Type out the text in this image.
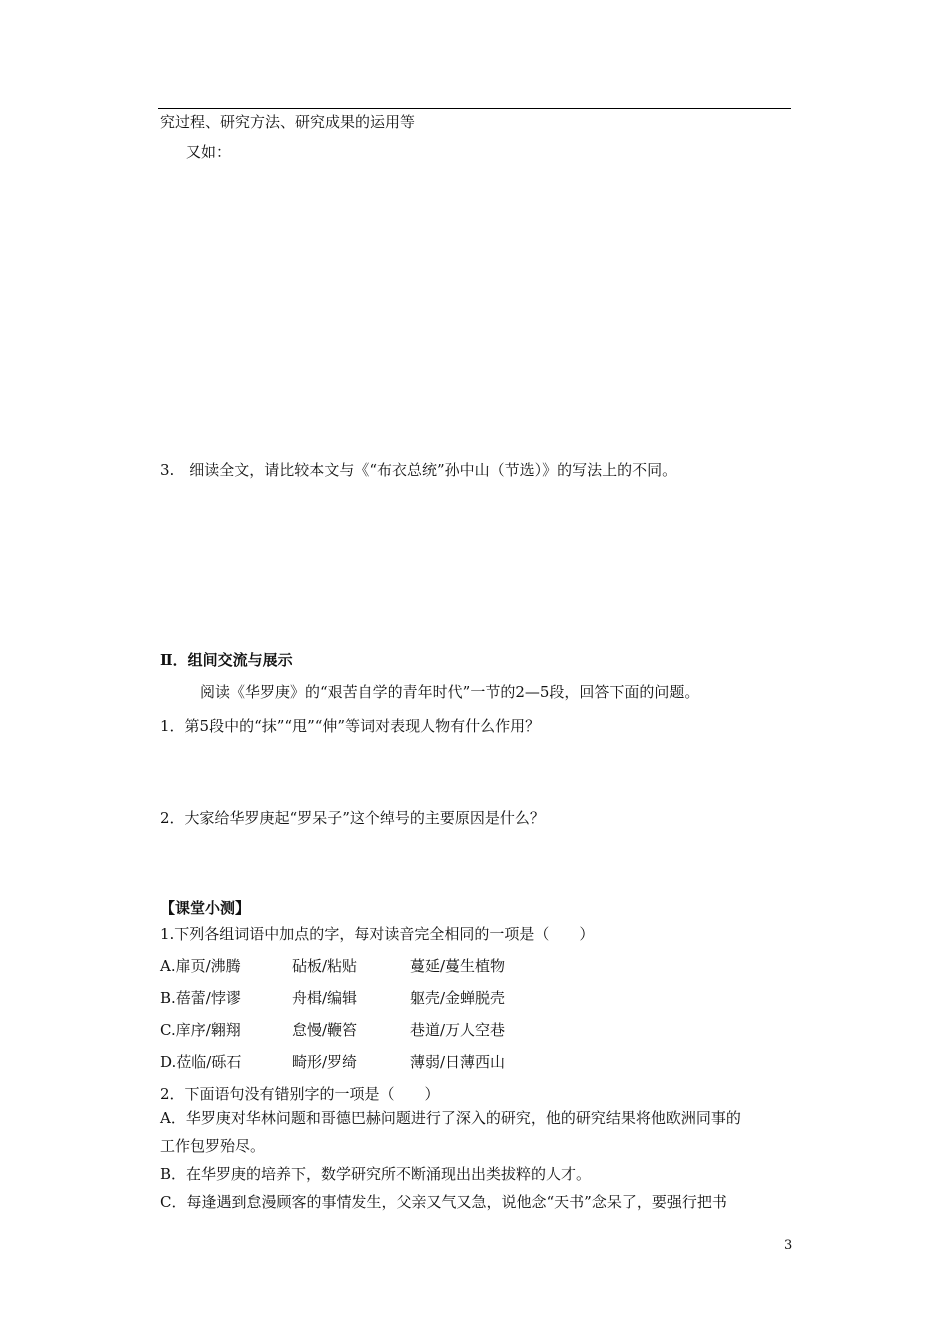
究过程、研究方法、研究成果的运用等
又如：
3.　细读全文，请比较本文与《“布衣总统”孙中山（节选）》的写法上的不同。
Ⅱ．组间交流与展示
阅读《华罗庚》的“艰苦自学的青年时代”一节的2—5段，回答下面的问题。
1．第5段中的“抹”“甩”“伸”等词对表现人物有什么作用？
2．大家给华罗庚起“罗呆子”这个绰号的主要原因是什么？
【课堂小测】
1.下列各组词语中加点的字，每对读音完全相同的一项是（　　）
A.扉页/沸腾	砧板/粘贴	蔓延/蔓生植物
B.蓓蕾/悖谬	舟楫/编辑	躯壳/金蝉脱壳
C.庠序/翱翔	怠慢/鞭笞	巷道/万人空巷
D.莅临/砾石	畸形/罗绮	薄弱/日薄西山
2．下面语句没有错别字的一项是（　　）
A．华罗庚对华林问题和哥德巴赫问题进行了深入的研究，他的研究结果将他欧洲同事的
工作包罗殆尽。
B．在华罗庚的培养下，数学研究所不断涌现出出类拔粹的人才。
C．每逢遇到怠漫顾客的事情发生，父亲又气又急，说他念“天书”念呆了，要强行把书
3
